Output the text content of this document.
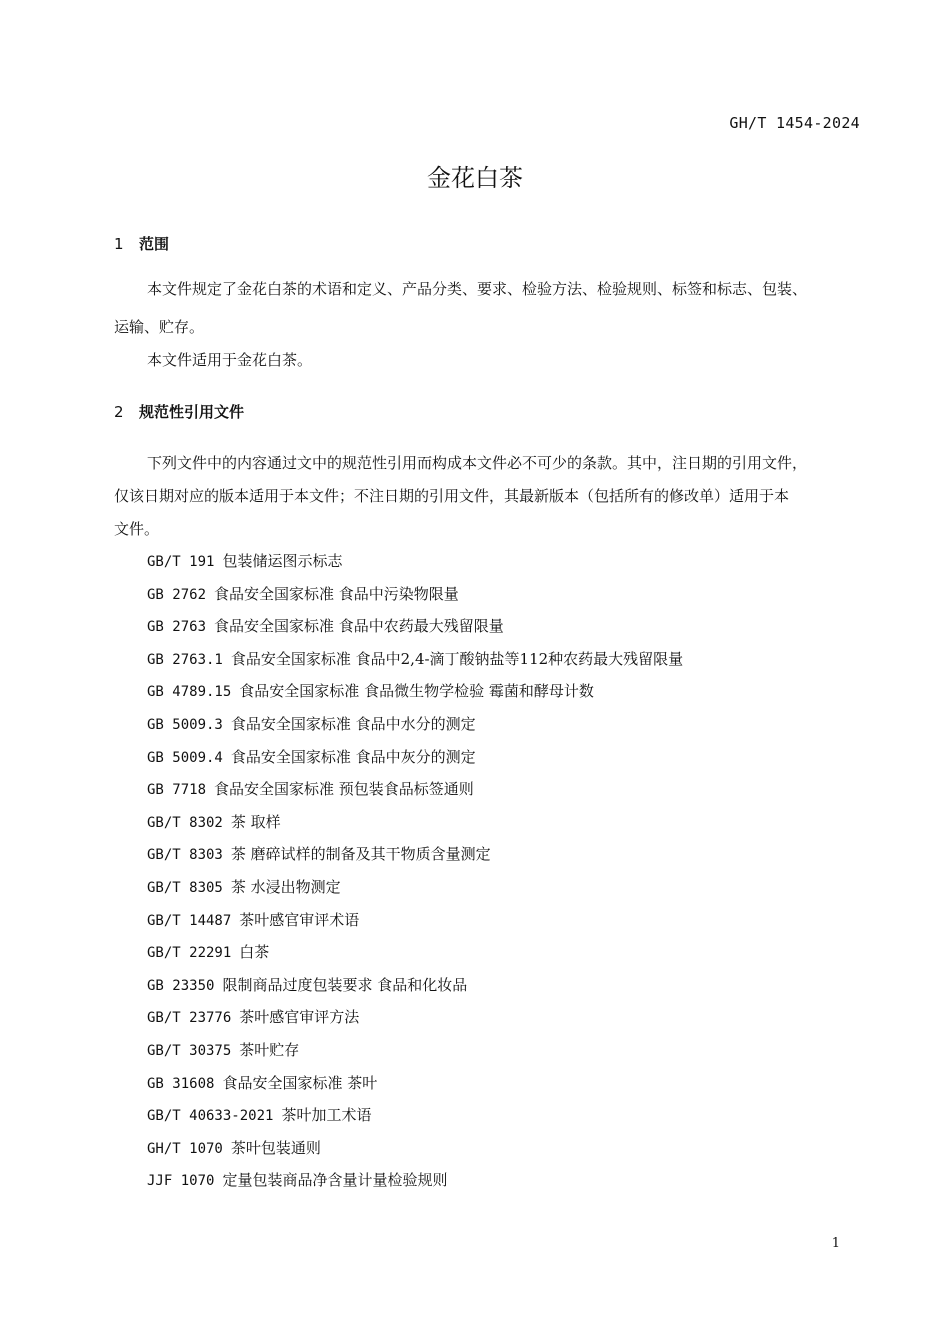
GH/T 1454-2024
金花白茶
1 范围
本文件规定了金花白茶的术语和定义、产品分类、要求、检验方法、检验规则、标签和标志、包装、
运输、贮存。
本文件适用于金花白茶。
2 规范性引用文件
下列文件中的内容通过文中的规范性引用而构成本文件必不可少的条款。其中，注日期的引用文件，
仅该日期对应的版本适用于本文件；不注日期的引用文件，其最新版本（包括所有的修改单）适用于本
文件。
GB/T 191 包装储运图示标志
GB 2762 食品安全国家标准 食品中污染物限量
GB 2763 食品安全国家标准 食品中农药最大残留限量
GB 2763.1 食品安全国家标准 食品中2,4-滴丁酸钠盐等112种农药最大残留限量
GB 4789.15 食品安全国家标准 食品微生物学检验 霉菌和酵母计数
GB 5009.3 食品安全国家标准 食品中水分的测定
GB 5009.4 食品安全国家标准 食品中灰分的测定
GB 7718 食品安全国家标准 预包装食品标签通则
GB/T 8302 茶 取样
GB/T 8303 茶 磨碎试样的制备及其干物质含量测定
GB/T 8305 茶 水浸出物测定
GB/T 14487 茶叶感官审评术语
GB/T 22291 白茶
GB 23350 限制商品过度包装要求 食品和化妆品
GB/T 23776 茶叶感官审评方法
GB/T 30375 茶叶贮存
GB 31608 食品安全国家标准 茶叶
GB/T 40633-2021 茶叶加工术语
GH/T 1070 茶叶包装通则
JJF 1070 定量包装商品净含量计量检验规则
1
